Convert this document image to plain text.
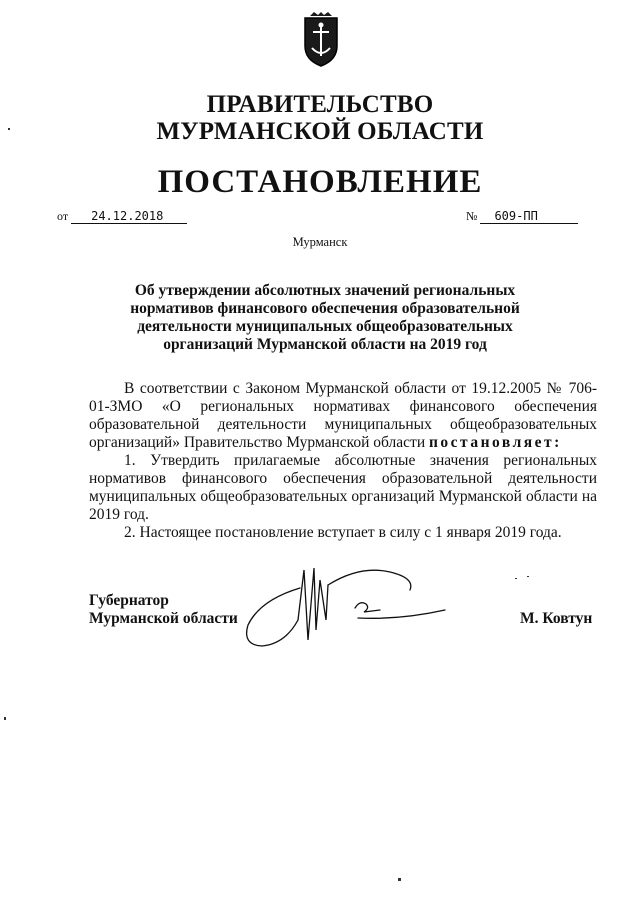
ПРАВИТЕЛЬСТВО
МУРМАНСКОЙ ОБЛАСТИ
ПОСТАНОВЛЕНИЕ
от 24.12.2018	№ 609-ПП
Мурманск
Об утверждении абсолютных значений региональных нормативов финансового обеспечения образовательной деятельности муниципальных общеобразовательных организаций Мурманской области на 2019 год

В соответствии с Законом Мурманской области от 19.12.2005 № 706-01-ЗМО «О региональных нормативах финансового обеспечения образовательной деятельности муниципальных общеобразовательных организаций» Правительство Мурманской области постановляет:

1. Утвердить прилагаемые абсолютные значения региональных нормативов финансового обеспечения образовательной деятельности муниципальных общеобразовательных организаций Мурманской области на 2019 год.

2. Настоящее постановление вступает в силу с 1 января 2019 года.

Губернатор
Мурманской области	М. Ковтун
